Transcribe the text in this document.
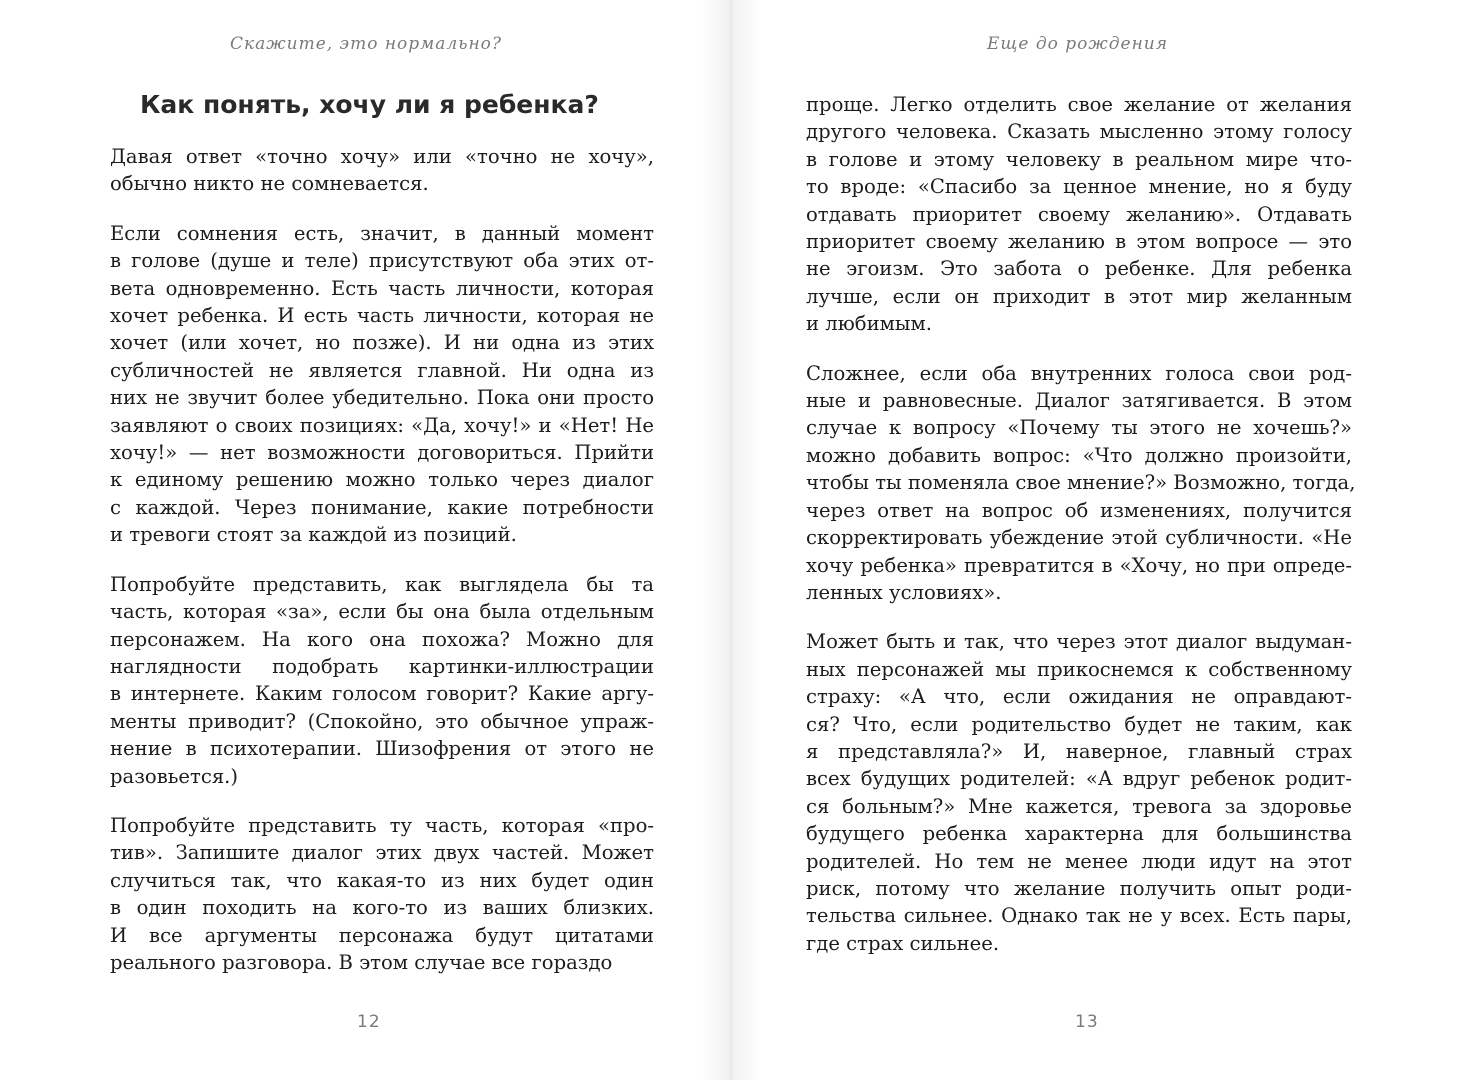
Скажите, это нормально?
Как понять, хочу ли я ребенка?
Давая ответ «точно хочу» или «точно не хочу»,
обычно никто не сомневается.
Если сомнения есть, значит, в данный момент
в голове (душе и теле) присутствуют оба этих от-
вета одновременно. Есть часть личности, которая
хочет ребенка. И есть часть личности, которая не
хочет (или хочет, но позже). И ни одна из этих
субличностей не является главной. Ни одна из
них не звучит более убедительно. Пока они просто
заявляют о своих позициях: «Да, хочу!» и «Нет! Не
хочу!» — нет возможности договориться. Прийти
к единому решению можно только через диалог
с каждой. Через понимание, какие потребности
и тревоги стоят за каждой из позиций.
Попробуйте представить, как выглядела бы та
часть, которая «за», если бы она была отдельным
персонажем. На кого она похожа? Можно для
наглядности подобрать картинки-иллюстрации
в интернете. Каким голосом говорит? Какие аргу-
менты приводит? (Спокойно, это обычное упраж-
нение в психотерапии. Шизофрения от этого не
разовьется.)
Попробуйте представить ту часть, которая «про-
тив». Запишите диалог этих двух частей. Может
случиться так, что какая-то из них будет один
в один походить на кого-то из ваших близких.
И все аргументы персонажа будут цитатами
реального разговора. В этом случае все гораздо
12
Еще до рождения
проще. Легко отделить свое желание от желания
другого человека. Сказать мысленно этому голосу
в голове и этому человеку в реальном мире что-
то вроде: «Спасибо за ценное мнение, но я буду
отдавать приоритет своему желанию». Отдавать
приоритет своему желанию в этом вопросе — это
не эгоизм. Это забота о ребенке. Для ребенка
лучше, если он приходит в этот мир желанным
и любимым.
Сложнее, если оба внутренних голоса свои род-
ные и равновесные. Диалог затягивается. В этом
случае к вопросу «Почему ты этого не хочешь?»
можно добавить вопрос: «Что должно произойти,
чтобы ты поменяла свое мнение?» Возможно, тогда,
через ответ на вопрос об изменениях, получится
скорректировать убеждение этой субличности. «Не
хочу ребенка» превратится в «Хочу, но при опреде-
ленных условиях».
Может быть и так, что через этот диалог выдуман-
ных персонажей мы прикоснемся к собственному
страху: «А что, если ожидания не оправдают-
ся? Что, если родительство будет не таким, как
я представляла?» И, наверное, главный страх
всех будущих родителей: «А вдруг ребенок родит-
ся больным?» Мне кажется, тревога за здоровье
будущего ребенка характерна для большинства
родителей. Но тем не менее люди идут на этот
риск, потому что желание получить опыт роди-
тельства сильнее. Однако так не у всех. Есть пары,
где страх сильнее.
13
